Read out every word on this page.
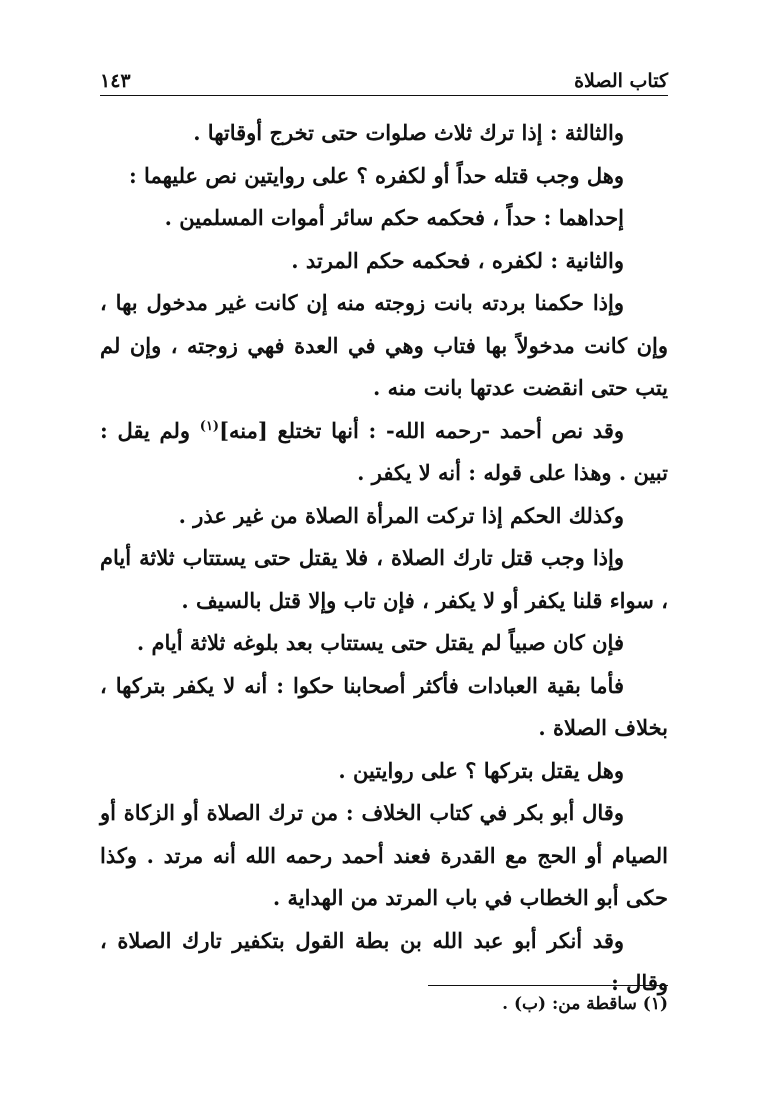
كتاب الصلاة
١٤٣

والثالثة : إذا ترك ثلاث صلوات حتى تخرج أوقاتها .

وهل وجب قتله حداً أو لكفره ؟ على روايتين نص عليهما :

إحداهما : حداً ، فحكمه حكم سائر أموات المسلمين .

والثانية : لكفره ، فحكمه حكم المرتد .

وإذا حكمنا بردته بانت زوجته منه إن كانت غير مدخول بها ، وإن كانت مدخولاً بها فتاب وهي في العدة فهي زوجته ، وإن لم يتب حتى انقضت عدتها بانت منه .

وقد نص أحمد -رحمه الله- : أنها تختلع [منه]$^{(١)}$ ولم يقل : تبين . وهذا على قوله : أنه لا يكفر .

وكذلك الحكم إذا تركت المرأة الصلاة من غير عذر .

وإذا وجب قتل تارك الصلاة ، فلا يقتل حتى يستتاب ثلاثة أيام ، سواء قلنا يكفر أو لا يكفر ، فإن تاب وإلا قتل بالسيف .

فإن كان صبياً لم يقتل حتى يستتاب بعد بلوغه ثلاثة أيام .

فأما بقية العبادات فأكثر أصحابنا حكوا : أنه لا يكفر بتركها ، بخلاف الصلاة .

وهل يقتل بتركها ؟ على روايتين .

وقال أبو بكر في كتاب الخلاف : من ترك الصلاة أو الزكاة أو الصيام أو الحج مع القدرة فعند أحمد رحمه الله أنه مرتد . وكذا حكى أبو الخطاب في باب المرتد من الهداية .

وقد أنكر أبو عبد الله بن بطة القول بتكفير تارك الصلاة ، وقال :

(١) ساقطة من: (ب) .
